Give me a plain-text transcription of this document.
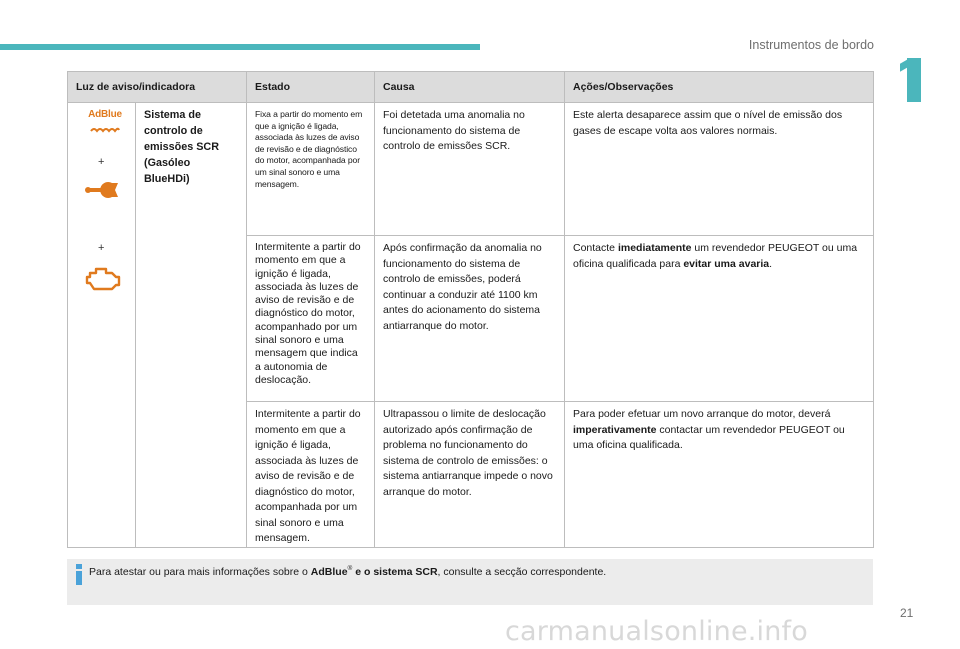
Instrumentos de bordo
Luz de aviso/indicadora		Estado	Causa	Ações/Observações

AdBlue
+
+	Sistema de controlo de emissões SCR (Gasóleo BlueHDi)	Fixa a partir do momento em que a ignição é ligada, associada às luzes de aviso de revisão e de diagnóstico do motor, acompanhada por um sinal sonoro e uma mensagem.	Foi detetada uma anomalia no funcionamento do sistema de controlo de emissões SCR.	Este alerta desaparece assim que o nível de emissão dos gases de escape volta aos valores normais.
		Intermitente a partir do momento em que a ignição é ligada, associada às luzes de aviso de revisão e de diagnóstico do motor, acompanhado por um sinal sonoro e uma mensagem que indica a autonomia de deslocação.	Após confirmação da anomalia no funcionamento do sistema de controlo de emissões, poderá continuar a conduzir até 1100 km antes do acionamento do sistema antiarranque do motor.	Contacte imediatamente um revendedor PEUGEOT ou uma oficina qualificada para evitar uma avaria.
		Intermitente a partir do momento em que a ignição é ligada, associada às luzes de aviso de revisão e de diagnóstico do motor, acompanhada por um sinal sonoro e uma mensagem.	Ultrapassou o limite de deslocação autorizado após confirmação de problema no funcionamento do sistema de controlo de emissões: o sistema antiarranque impede o novo arranque do motor.	Para poder efetuar um novo arranque do motor, deverá imperativamente contactar um revendedor PEUGEOT ou uma oficina qualificada.
Para atestar ou para mais informações sobre o AdBlue® e o sistema SCR, consulte a secção correspondente.
21
carmanualsonline.info
